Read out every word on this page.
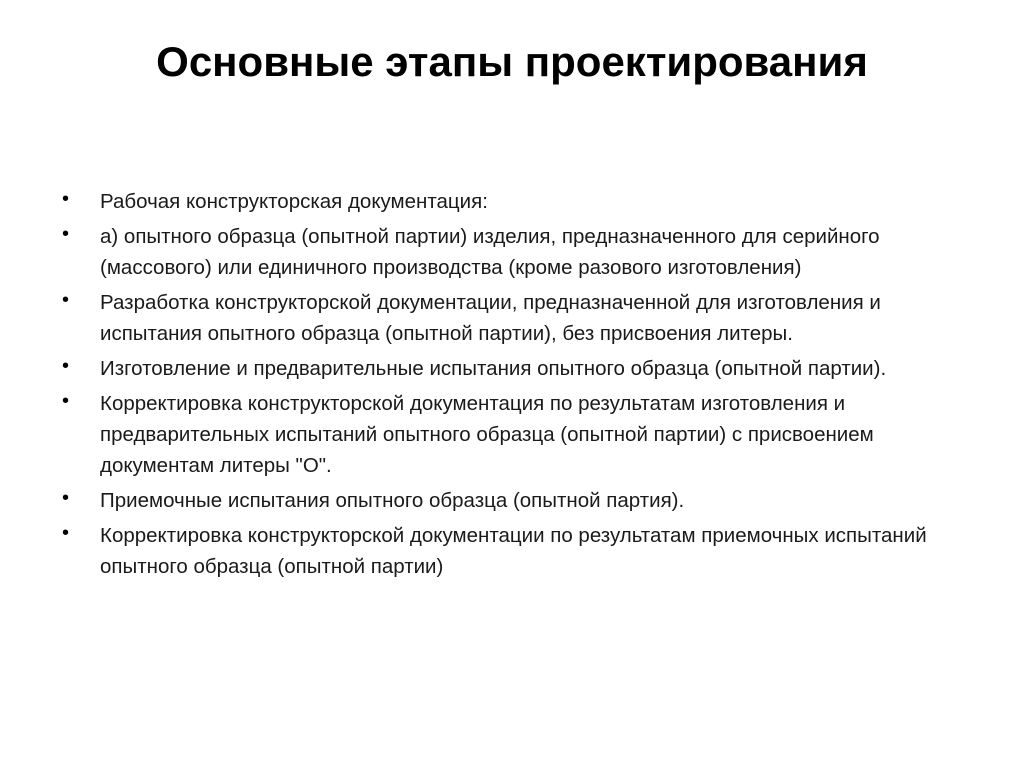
Основные этапы проектирования
• Рабочая конструкторская документация:
• а) опытного образца (опытной партии) изделия, предназначенного для серийного (массового) или единичного производства (кроме разового изготовления)
• Разработка конструкторской документации, предназначенной для изготовления и испытания опытного образца (опытной партии), без присвоения литеры.
• Изготовление и предварительные испытания опытного образца (опытной партии).
• Корректировка конструкторской документация по результатам изготовления и предварительных испытаний опытного образца (опытной партии) с присвоением документам литеры "О".
• Приемочные испытания опытного образца (опытной партия).
• Корректировка конструкторской документации по результатам приемочных испытаний опытного образца (опытной партии)
